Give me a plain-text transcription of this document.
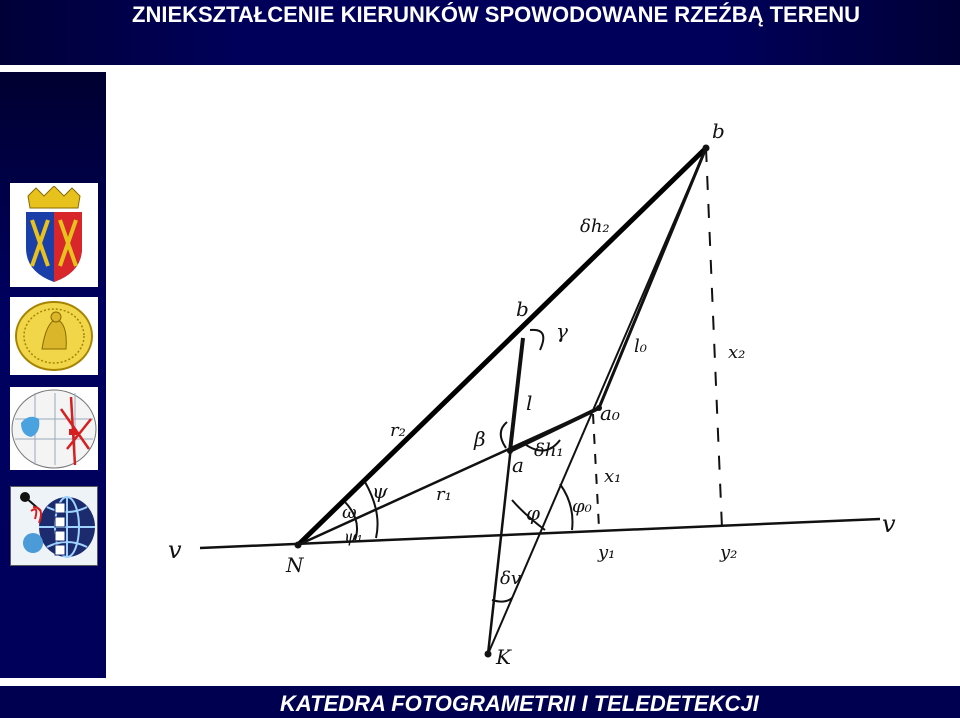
ZNIEKSZTAŁCENIE KIERUNKÓW SPOWODOWANE RZEŹBĄ TERENU
v
v
N
K
b
b
a
a₀
δh₂
δh₁
l₀
l
r₂
r₁
x₂
x₁
y₁	y₂
γ
β
ψ
ω
ψ₁
φ φ₀
δv
KATEDRA FOTOGRAMETRII I TELEDETEKCJI
